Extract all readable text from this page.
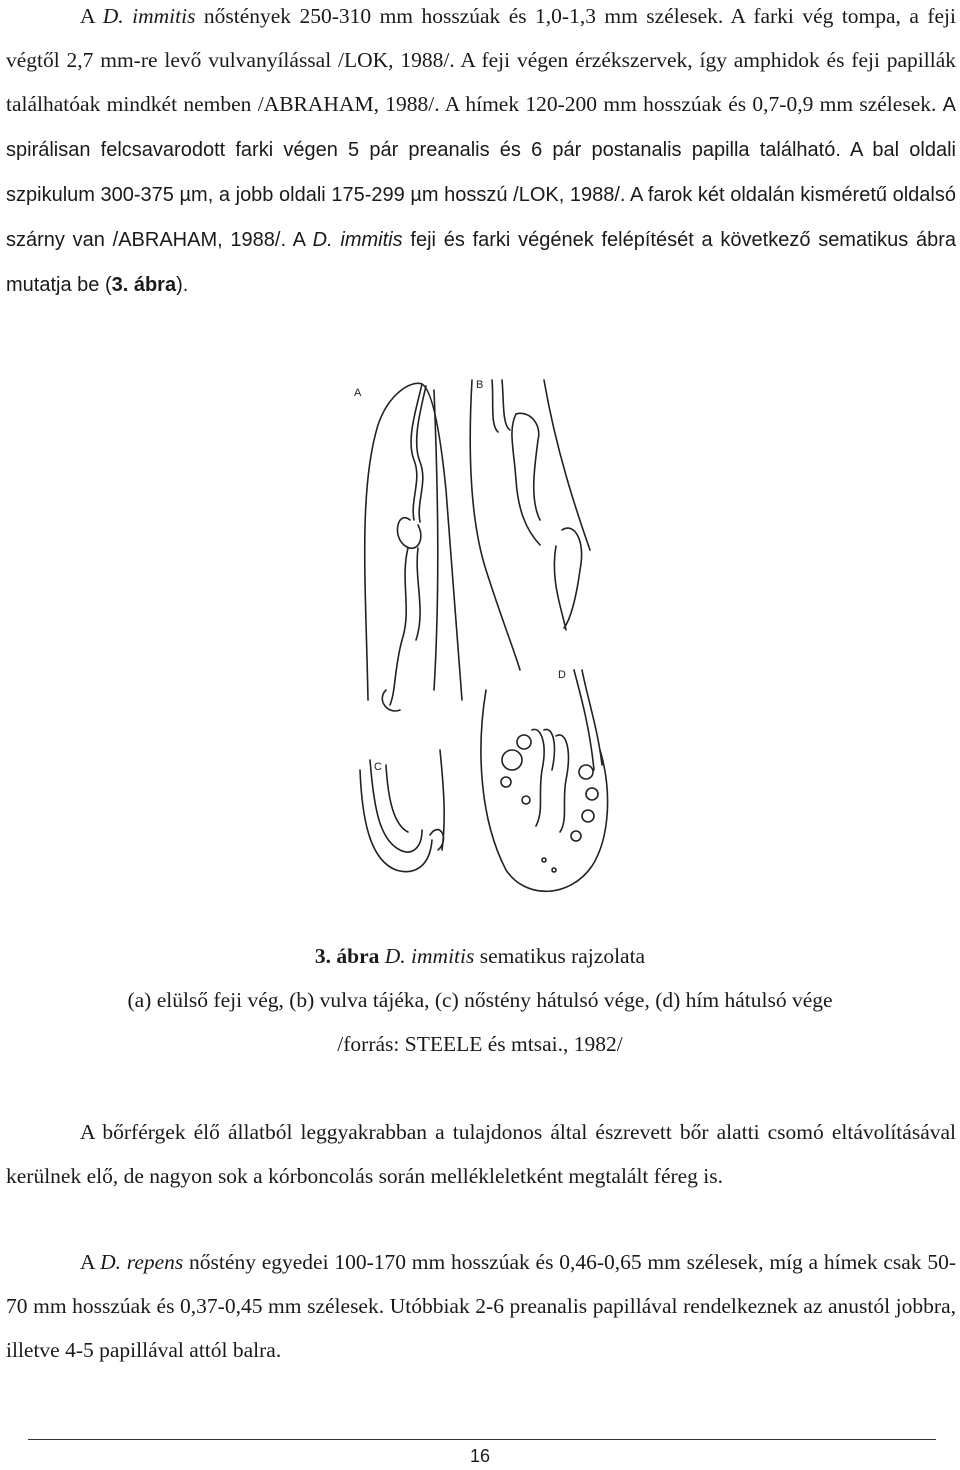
A D. immitis nőstények 250-310 mm hosszúak és 1,0-1,3 mm szélesek. A farki vég tompa, a feji végtől 2,7 mm-re levő vulvanyílással /LOK, 1988/. A feji végen érzékszervek, így amphidok és feji papillák találhatóak mindkét nemben /ABRAHAM, 1988/. A hímek 120-200 mm hosszúak és 0,7-0,9 mm szélesek. A spirálisan felcsavarodott farki végen 5 pár preanalis és 6 pár postanalis papilla található. A bal oldali szpikulum 300-375 µm, a jobb oldali 175-299 µm hosszú /LOK, 1988/. A farok két oldalán kisméretű oldalsó szárny van /ABRAHAM, 1988/. A D. immitis feji és farki végének felépítését a következő sematikus ábra mutatja be (3. ábra).
A
B
C
D
3. ábra D. immitis sematikus rajzolata
(a) elülső feji vég, (b) vulva tájéka, (c) nőstény hátulsó vége, (d) hím hátulsó vége
/forrás: STEELE és mtsai., 1982/
A bőrférgek élő állatból leggyakrabban a tulajdonos által észrevett bőr alatti csomó eltávolításával kerülnek elő, de nagyon sok a kórboncolás során mellékleletként megtalált féreg is.
A D. repens nőstény egyedei 100-170 mm hosszúak és 0,46-0,65 mm szélesek, míg a hímek csak 50-70 mm hosszúak és 0,37-0,45 mm szélesek. Utóbbiak 2-6 preanalis papillával rendelkeznek az anustól jobbra, illetve 4-5 papillával attól balra.
16
